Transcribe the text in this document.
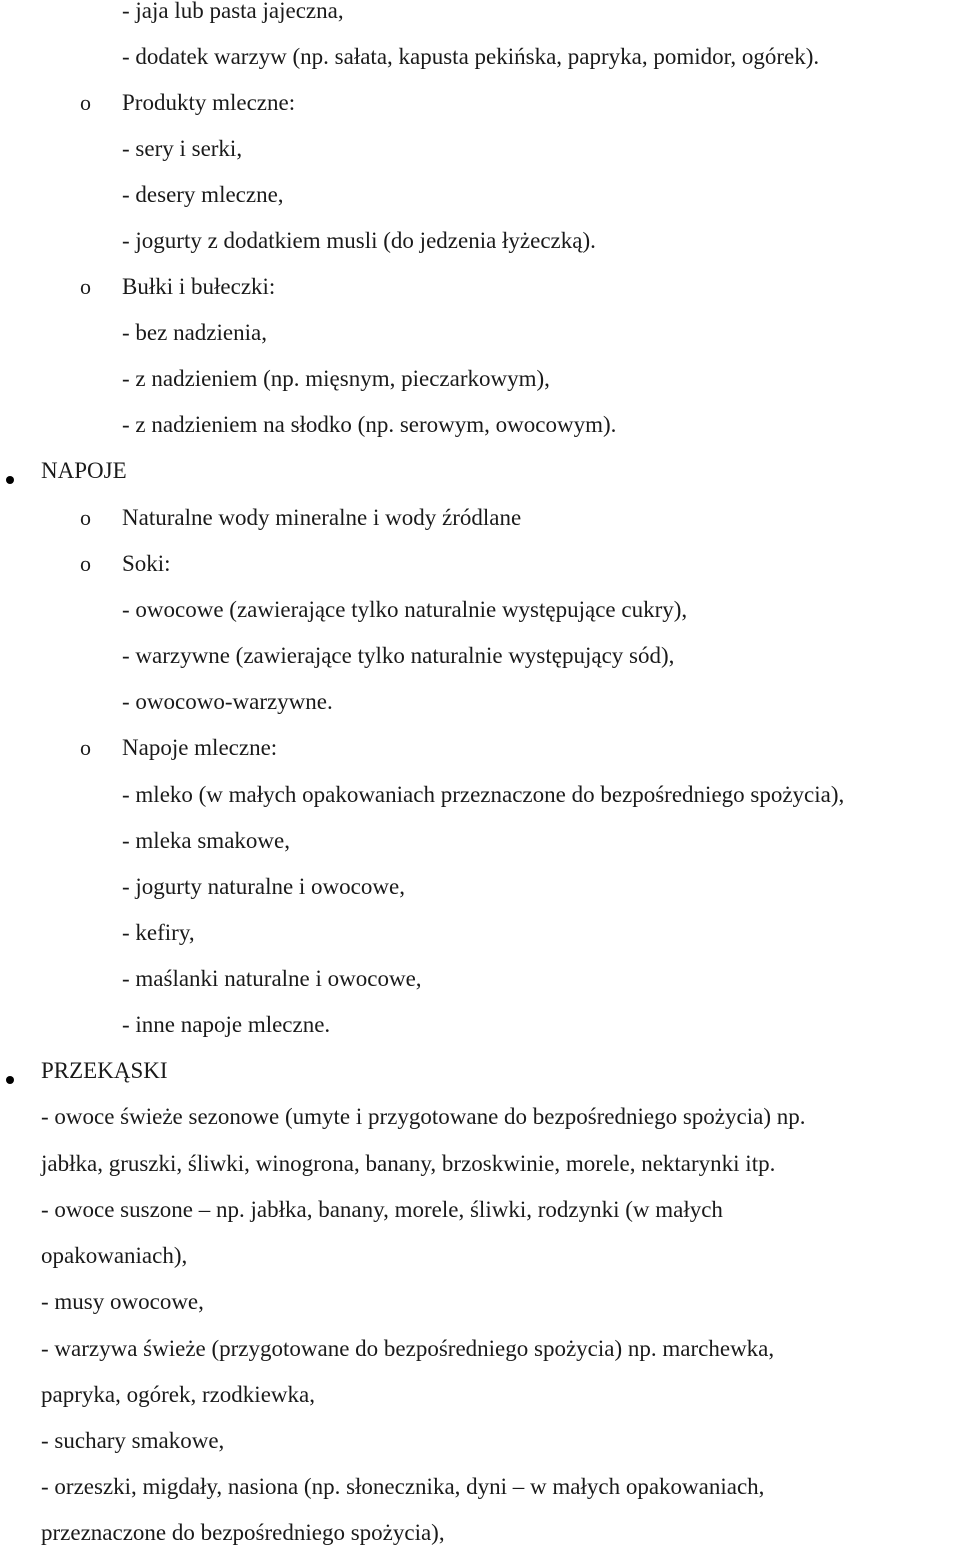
- jaja lub pasta jajeczna,
- dodatek warzyw (np. sałata, kapusta pekińska, papryka, pomidor, ogórek).
o Produkty mleczne:
- sery i serki,
- desery mleczne,
- jogurty z dodatkiem musli (do jedzenia łyżeczką).
o Bułki i bułeczki:
- bez nadzienia,
- z nadzieniem (np. mięsnym, pieczarkowym),
- z nadzieniem na słodko (np. serowym, owocowym).
NAPOJE
o Naturalne wody mineralne i wody źródlane
o Soki:
- owocowe (zawierające tylko naturalnie występujące cukry),
- warzywne (zawierające tylko naturalnie występujący sód),
- owocowo-warzywne.
o Napoje mleczne:
- mleko (w małych opakowaniach przeznaczone do bezpośredniego spożycia),
- mleka smakowe,
- jogurty naturalne i owocowe,
- kefiry,
- maślanki naturalne i owocowe,
- inne napoje mleczne.
PRZEKĄSKI
- owoce świeże sezonowe (umyte i przygotowane do bezpośredniego spożycia) np.
jabłka, gruszki, śliwki, winogrona, banany, brzoskwinie, morele, nektarynki itp.
- owoce suszone – np. jabłka, banany, morele, śliwki, rodzynki (w małych
opakowaniach),
- musy owocowe,
- warzywa świeże (przygotowane do bezpośredniego spożycia) np. marchewka,
papryka, ogórek, rzodkiewka,
- suchary smakowe,
- orzeszki, migdały, nasiona (np. słonecznika, dyni – w małych opakowaniach,
przeznaczone do bezpośredniego spożycia),
